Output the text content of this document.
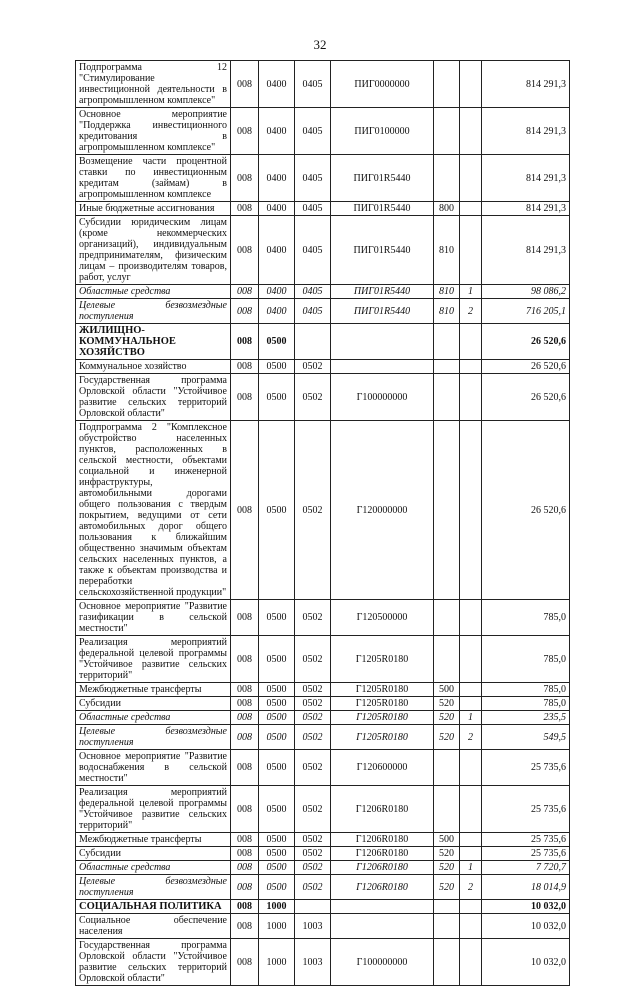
32
Подпрограмма 12 "Стимулирование инвестиционной деятельности в агропромышленном комплексе"	008	0400	0405	ПИГ0000000			814 291,3
Основное мероприятие "Поддержка инвестиционного кредитования в агропромышленном комплексе"	008	0400	0405	ПИГ0100000			814 291,3
Возмещение части процентной ставки по инвестиционным кредитам (займам) в агропромышленном комплексе	008	0400	0405	ПИГ01R5440			814 291,3
Иные бюджетные ассигнования	008	0400	0405	ПИГ01R5440	800		814 291,3
Субсидии юридическим лицам (кроме некоммерческих организаций), индивидуальным предпринимателям, физическим лицам – производителям товаров, работ, услуг	008	0400	0405	ПИГ01R5440	810		814 291,3
Областные средства	008	0400	0405	ПИГ01R5440	810	1	98 086,2
Целевые безвозмездные поступления	008	0400	0405	ПИГ01R5440	810	2	716 205,1
ЖИЛИЩНО-КОММУНАЛЬНОЕ ХОЗЯЙСТВО	008	0500					26 520,6
Коммунальное хозяйство	008	0500	0502				26 520,6
Государственная программа Орловской области "Устойчивое развитие сельских территорий Орловской области"	008	0500	0502	Г100000000			26 520,6
Подпрограмма 2 "Комплексное обустройство населенных пунктов, расположенных в сельской местности, объектами социальной и инженерной инфраструктуры, автомобильными дорогами общего пользования с твердым покрытием, ведущими от сети автомобильных дорог общего пользования к ближайшим общественно значимым объектам сельских населенных пунктов, а также к объектам производства и переработки сельскохозяйственной продукции"	008	0500	0502	Г120000000			26 520,6
Основное мероприятие "Развитие газификации в сельской местности"	008	0500	0502	Г120500000			785,0
Реализация мероприятий федеральной целевой программы "Устойчивое развитие сельских территорий"	008	0500	0502	Г1205R0180			785,0
Межбюджетные трансферты	008	0500	0502	Г1205R0180	500		785,0
Субсидии	008	0500	0502	Г1205R0180	520		785,0
Областные средства	008	0500	0502	Г1205R0180	520	1	235,5
Целевые безвозмездные поступления	008	0500	0502	Г1205R0180	520	2	549,5
Основное мероприятие "Развитие водоснабжения в сельской местности"	008	0500	0502	Г120600000			25 735,6
Реализация мероприятий федеральной целевой программы "Устойчивое развитие сельских территорий"	008	0500	0502	Г1206R0180			25 735,6
Межбюджетные трансферты	008	0500	0502	Г1206R0180	500		25 735,6
Субсидии	008	0500	0502	Г1206R0180	520		25 735,6
Областные средства	008	0500	0502	Г1206R0180	520	1	7 720,7
Целевые безвозмездные поступления	008	0500	0502	Г1206R0180	520	2	18 014,9
СОЦИАЛЬНАЯ ПОЛИТИКА	008	1000					10 032,0
Социальное обеспечение населения	008	1000	1003				10 032,0
Государственная программа Орловской области "Устойчивое развитие сельских территорий Орловской области"	008	1000	1003	Г100000000			10 032,0
